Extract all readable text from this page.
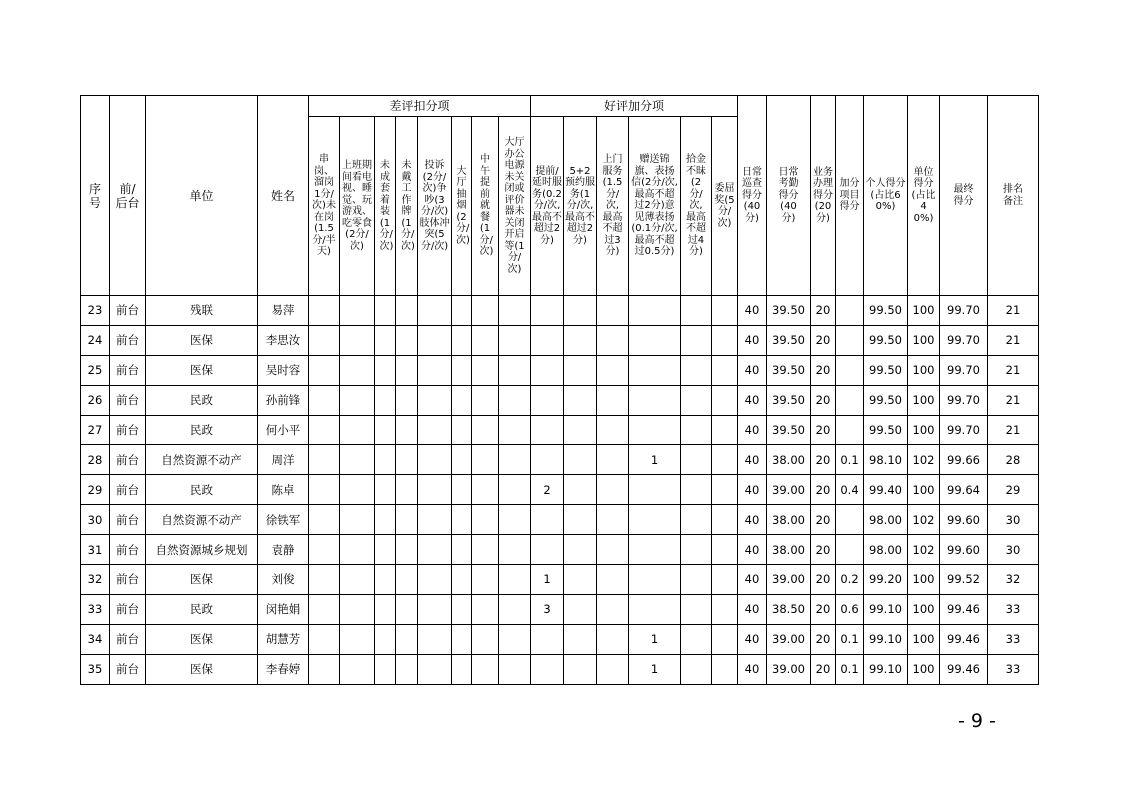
序号	前/后台	单位	姓名	差评扣分项								好评加分项						日常巡查得分(40分)	日常考勤得分(40分)	业务办理得分(20分)	加分项目得分	个人得分(占比60%)	单位得分(占比40%)	最终得分	排名备注

				串岗、溜岗1分/次)未在岗(1.5分/半天)	上班期间看电视、睡觉、玩游戏、吃零食(2分/次)	未成套着装(1分/次)	未戴工作牌(1分/次)	投诉(2分/次)争吵(3分/次)肢体冲突(5分/次)	大厅抽烟(2分/次)	中午提前就餐(1分/次)	大厅办公电源未关闭或评价器未关闭开启等(1分/次)	提前/延时服务(0.2分/次,最高不超过2分)	5+2预约服务(1分/次,最高不超过2分)	上门服务(1.5分/次,最高不超过3分)	赠送锦旗、表扬信(2分/次,最高不超过2分)意见薄表扬(0.1分/次,最高不超过0.5分)	拾金不昧(2分/次,最高不超过4分)	委屈奖(5分/次)								

23	前台	残联	易萍															40	39.50	20		99.50	100	99.70	21
24	前台	医保	李思汝															40	39.50	20		99.50	100	99.70	21
25	前台	医保	吴时容															40	39.50	20		99.50	100	99.70	21
26	前台	民政	孙前锋															40	39.50	20		99.50	100	99.70	21
27	前台	民政	何小平															40	39.50	20		99.50	100	99.70	21
28	前台	自然资源不动产	周洋												1			40	38.00	20	0.1	98.10	102	99.66	28
29	前台	民政	陈卓									2						40	39.00	20	0.4	99.40	100	99.64	29
30	前台	自然资源不动产	徐铁军															40	38.00	20		98.00	102	99.60	30
31	前台	自然资源城乡规划	袁静															40	38.00	20		98.00	102	99.60	30
32	前台	医保	刘俊									1						40	39.00	20	0.2	99.20	100	99.52	32
33	前台	民政	闵艳娟									3						40	38.50	20	0.6	99.10	100	99.46	33
34	前台	医保	胡慧芳												1			40	39.00	20	0.1	99.10	100	99.46	33
35	前台	医保	李春婷												1			40	39.00	20	0.1	99.10	100	99.46	33
-9-
